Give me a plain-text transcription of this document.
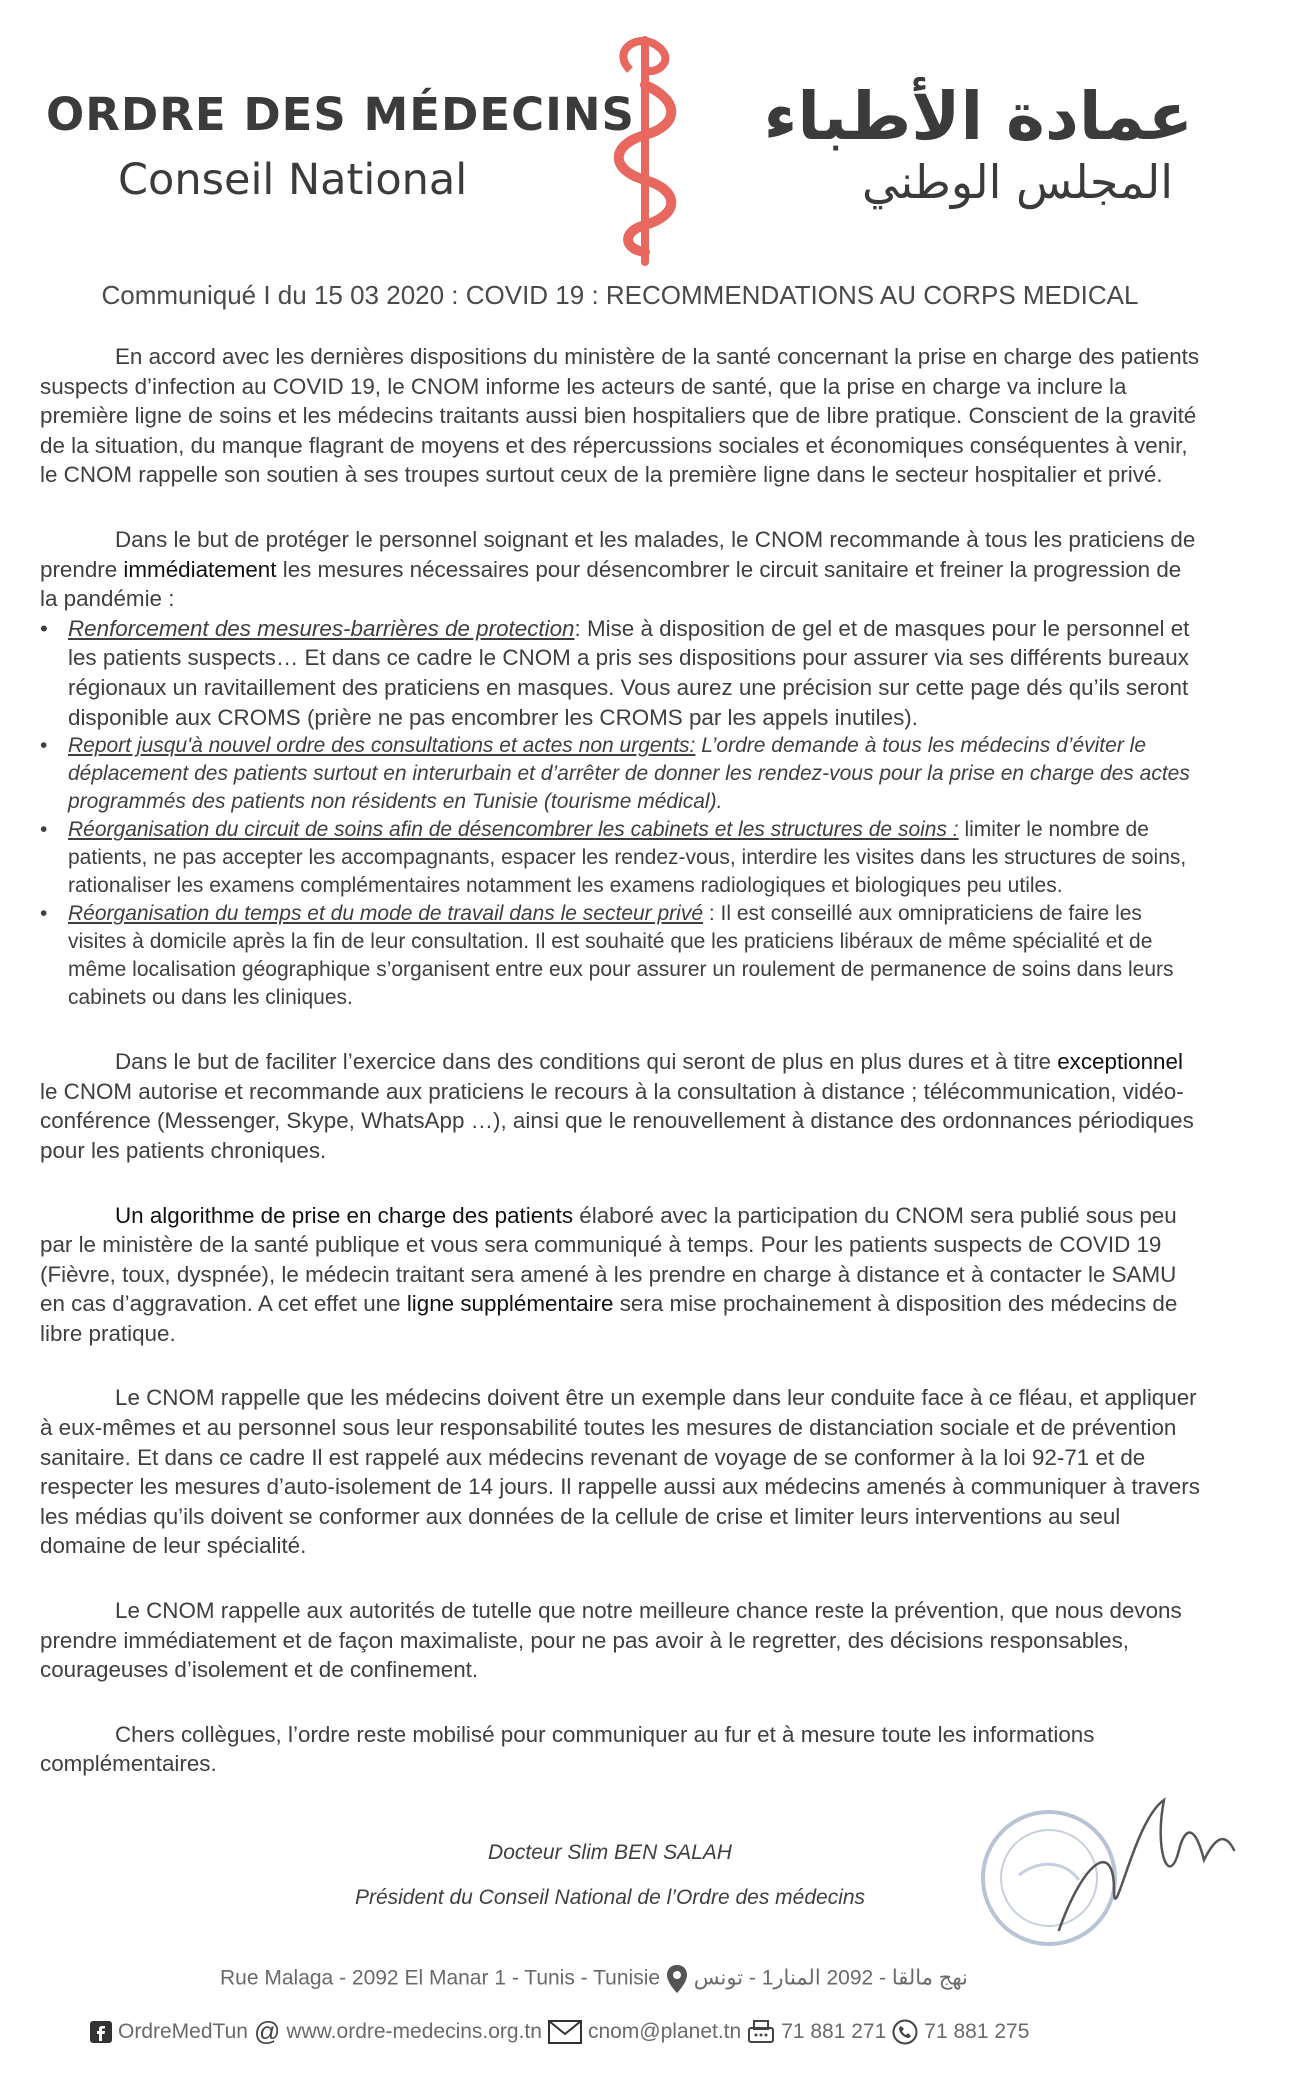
ORDRE DES MÉDECINS
Conseil National
عمادة الأطباء
المجلس الوطني
Communiqué I du 15 03 2020 : COVID 19 : RECOMMENDATIONS AU CORPS MEDICAL

En accord avec les dernières dispositions du ministère de la santé concernant la prise en charge des patients suspects d’infection au COVID 19, le CNOM informe les acteurs de santé, que la prise en charge va inclure la première ligne de soins et les médecins traitants aussi bien hospitaliers que de libre pratique. Conscient de la gravité de la situation, du manque flagrant de moyens et des répercussions sociales et économiques conséquentes à venir, le CNOM rappelle son soutien à ses troupes surtout ceux de la première ligne dans le secteur hospitalier et privé.

Dans le but de protéger le personnel soignant et les malades, le CNOM recommande à tous les praticiens de prendre immédiatement les mesures nécessaires pour désencombrer le circuit sanitaire et freiner la progression de la pandémie :

• Renforcement des mesures-barrières de protection: Mise à disposition de gel et de masques pour le personnel et les patients suspects… Et dans ce cadre le CNOM a pris ses dispositions pour assurer via ses différents bureaux régionaux un ravitaillement des praticiens en masques. Vous aurez une précision sur cette page dés qu’ils seront disponible aux CROMS (prière ne pas encombrer les CROMS par les appels inutiles).
• Report jusqu'à nouvel ordre des consultations et actes non urgents: L’ordre demande à tous les médecins d’éviter le déplacement des patients surtout en interurbain et d’arrêter de donner les rendez-vous pour la prise en charge des actes programmés des patients non résidents en Tunisie (tourisme médical).
• Réorganisation du circuit de soins afin de désencombrer les cabinets et les structures de soins : limiter le nombre de patients, ne pas accepter les accompagnants, espacer les rendez-vous, interdire les visites dans les structures de soins, rationaliser les examens complémentaires notamment les examens radiologiques et biologiques peu utiles.
• Réorganisation du temps et du mode de travail dans le secteur privé : Il est conseillé aux omnipraticiens de faire les visites à domicile après la fin de leur consultation. Il est souhaité que les praticiens libéraux de même spécialité et de même localisation géographique s’organisent entre eux pour assurer un roulement de permanence de soins dans leurs cabinets ou dans les cliniques.

Dans le but de faciliter l’exercice dans des conditions qui seront de plus en plus dures et à titre exceptionnel le CNOM autorise et recommande aux praticiens le recours à la consultation à distance ; télécommunication, vidéo-conférence (Messenger, Skype, WhatsApp …), ainsi que le renouvellement à distance des ordonnances périodiques pour les patients chroniques.

Un algorithme de prise en charge des patients élaboré avec la participation du CNOM sera publié sous peu par le ministère de la santé publique et vous sera communiqué à temps. Pour les patients suspects de COVID 19 (Fièvre, toux, dyspnée), le médecin traitant sera amené à les prendre en charge à distance et à contacter le SAMU en cas d’aggravation. A cet effet une ligne supplémentaire sera mise prochainement à disposition des médecins de libre pratique.

Le CNOM rappelle que les médecins doivent être un exemple dans leur conduite face à ce fléau, et appliquer à eux-mêmes et au personnel sous leur responsabilité toutes les mesures de distanciation sociale et de prévention sanitaire. Et dans ce cadre Il est rappelé aux médecins revenant de voyage de se conformer à la loi 92-71 et de respecter les mesures d’auto-isolement de 14 jours. Il rappelle aussi aux médecins amenés à communiquer à travers les médias qu’ils doivent se conformer aux données de la cellule de crise et limiter leurs interventions au seul domaine de leur spécialité.

Le CNOM rappelle aux autorités de tutelle que notre meilleure chance reste la prévention, que nous devons prendre immédiatement et de façon maximaliste, pour ne pas avoir à le regretter, des décisions responsables, courageuses d’isolement et de confinement.

Chers collègues, l’ordre reste mobilisé pour communiquer au fur et à mesure toute les informations complémentaires.

Docteur Slim BEN SALAH
Président du Conseil National de l’Ordre des médecins
Rue Malaga - 2092 El Manar 1 - Tunis - Tunisie نهج مالقا - 2092 المنار1 - تونس
OrdreMedTun @ www.ordre-medecins.org.tn cnom@planet.tn 71 881 271 71 881 275
